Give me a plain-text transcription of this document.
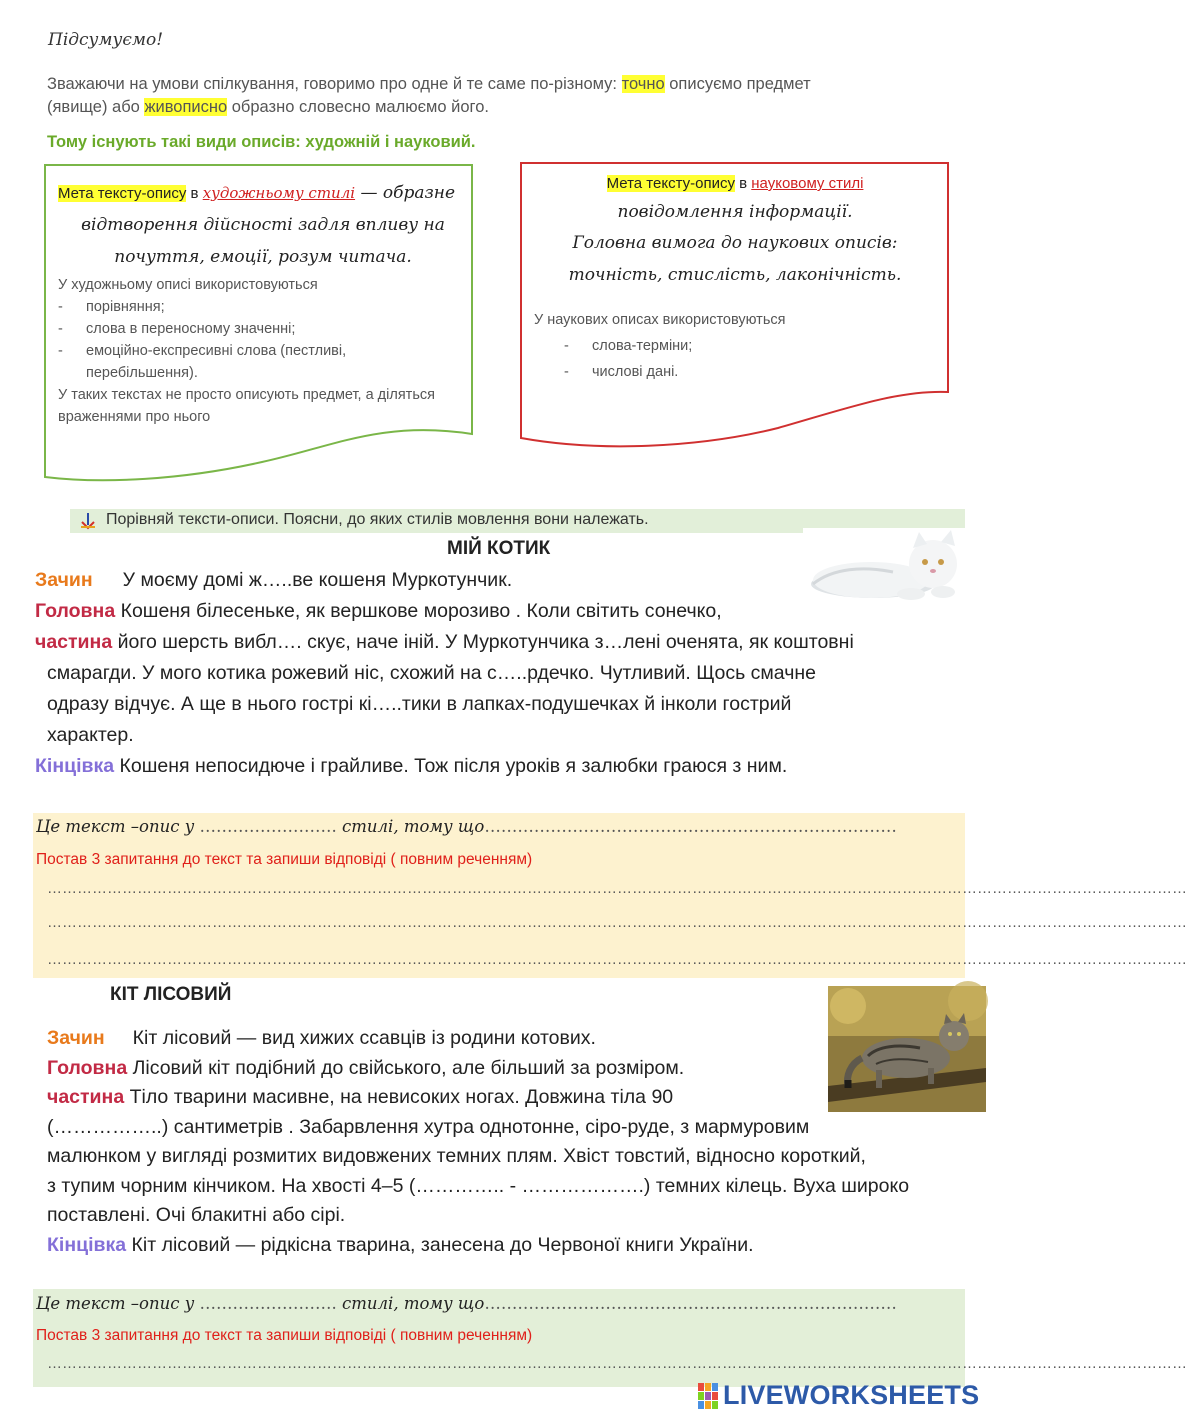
Підсумуємо!
Зважаючи на умови спілкування, говоримо про одне й те саме по-різному: точно описуємо предмет
(явище) або живописно образно словесно малюємо його.
Тому існують такі види описів: художній і науковий.
Мета тексту-опису в художньому стилі — образне
відтворення дійсності задля впливу на
почуття, емоції, розум читача.
У художньому описі використовуються
-	порівняння;
-	слова в переносному значенні;
-	емоційно-експресивні слова (пестливі, перебільшення).
У таких текстах не просто описують предмет, а діляться враженнями про нього
Мета тексту-опису в науковому стилі
повідомлення інформації.
Головна вимога до наукових описів:
точність, стислість, лаконічність.
У наукових описах використовуються
-	слова-терміни;
-	числові дані.
Порівняй тексти-описи. Поясни, до яких стилів мовлення вони належать.
МІЙ КОТИК
Зачин У моєму домі ж…..ве кошеня Муркотунчик.
Головна Кошеня білесеньке, як вершкове морозиво . Коли світить сонечко,
частина його шерсть вибл…. скує, наче іній. У Муркотунчика з…лені оченята, як коштовні
смарагди. У мого котика рожевий ніс, схожий на с…..рдечко. Чутливий. Щось смачне
одразу відчує. А ще в нього гострі кі…..тики в лапках-подушечках й інколи гострий
характер.
Кінцівка Кошеня непосидюче і грайливе. Тож після уроків я залюбки граюся з ним.
Це текст –опис у ……………………. стилі, тому що…………………………………………………………………
Постав 3 запитання до текст та запиши відповіді ( повним реченням)
…………………………………………………………………………………………………………………………………………………………………………………………………………
…………………………………………………………………………………………………………………………………………………………………………………………………………
…………………………………………………………………………………………………………………………………………………………………………………………………………
КІТ ЛІСОВИЙ
Зачин Кіт лісовий — вид хижих ссавців із родини котових.
Головна Лісовий кіт подібний до свійського, але більший за розміром.
частина Тіло тварини масивне, на невисоких ногах. Довжина тіла 90
(……………..) сантиметрів . Забарвлення хутра однотонне, сіро-руде, з мармуровим
малюнком у вигляді розмитих видовжених темних плям. Хвіст товстий, відносно короткий,
з тупим чорним кінчиком. На хвості 4–5 (………….. - ……………….) темних кілець. Вуха широко
поставлені. Очі блакитні або сірі.
Кінцівка Кіт лісовий — рідкісна тварина, занесена до Червоної книги України.
Це текст –опис у ……………………. стилі, тому що…………………………………………………………………
Постав 3 запитання до текст та запиши відповіді ( повним реченням)
…………………………………………………………………………………………………………………………………………………………………………………………………………
LIVEWORKSHEETS
